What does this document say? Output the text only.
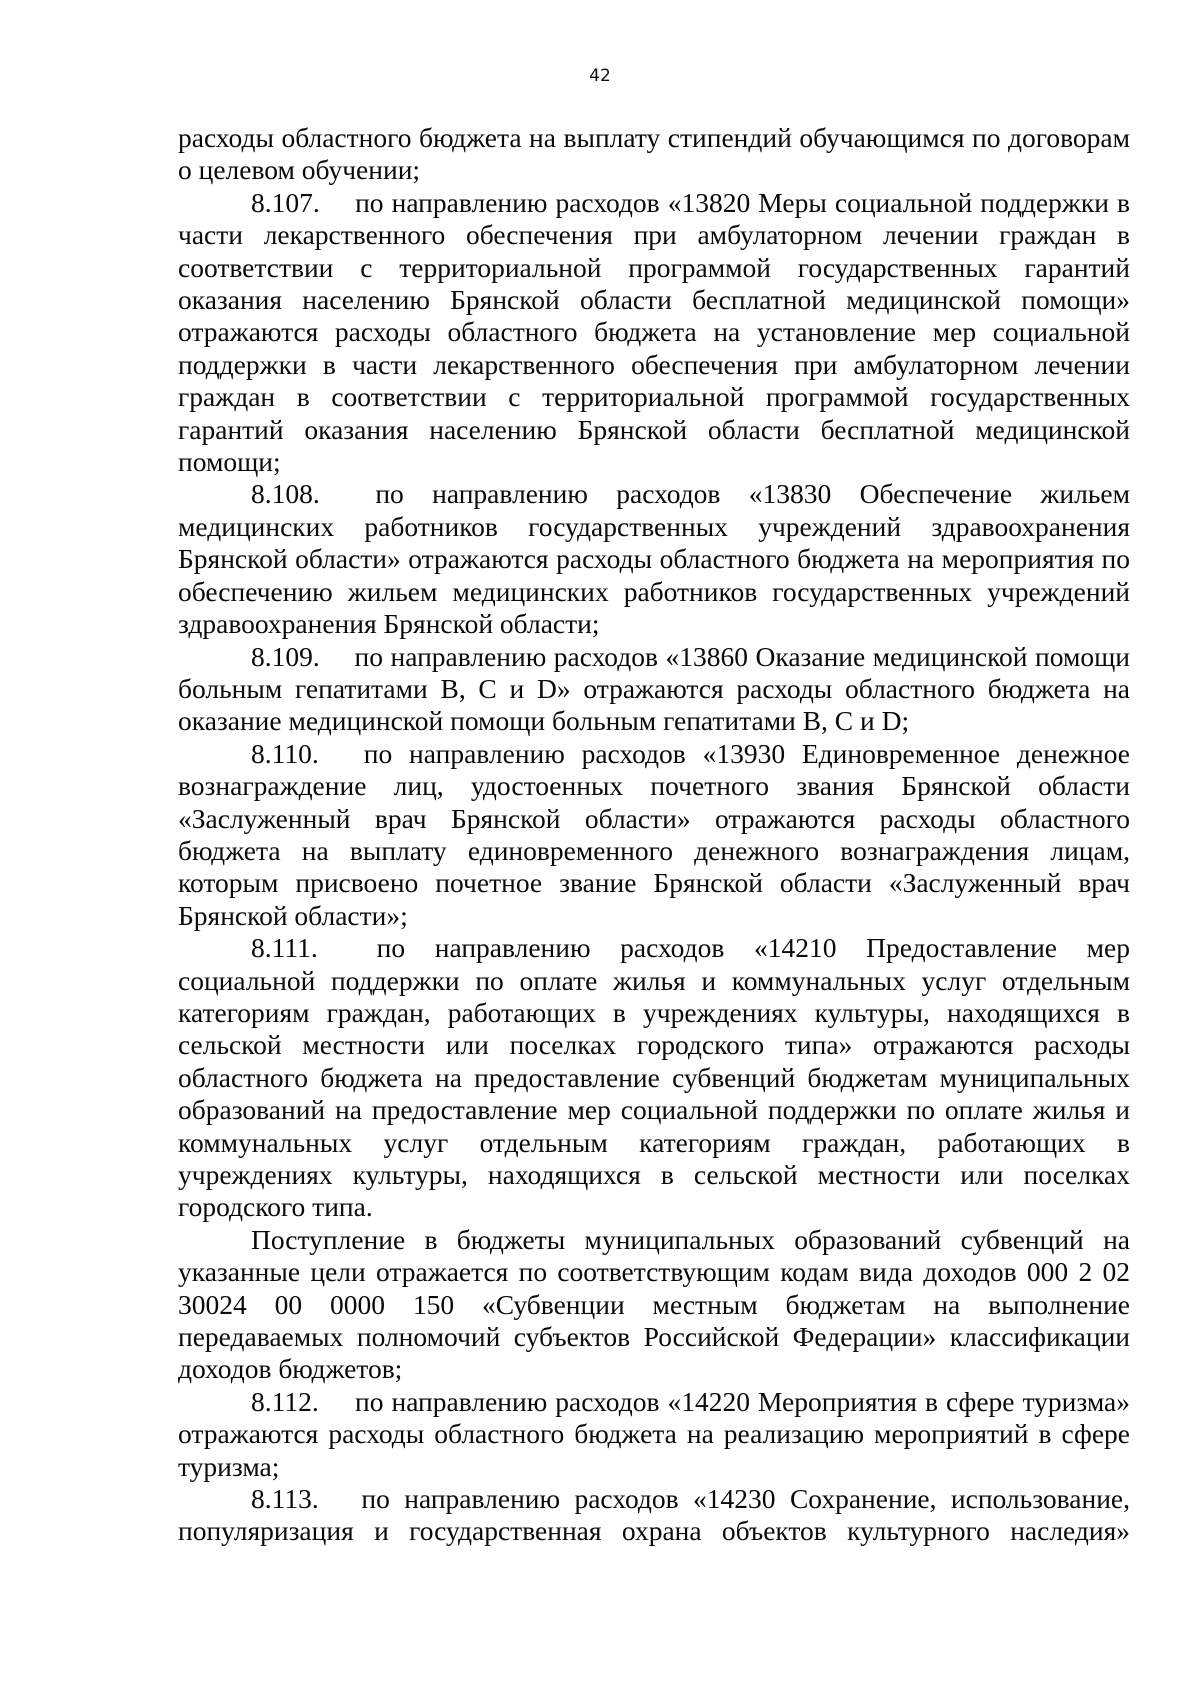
42

расходы областного бюджета на выплату стипендий обучающимся по договорам о целевом обучении;

8.107. по направлению расходов «13820 Меры социальной поддержки в части лекарственного обеспечения при амбулаторном лечении граждан в соответствии с территориальной программой государственных гарантий оказания населению Брянской области бесплатной медицинской помощи» отражаются расходы областного бюджета на установление мер социальной поддержки в части лекарственного обеспечения при амбулаторном лечении граждан в соответствии с территориальной программой государственных гарантий оказания населению Брянской области бесплатной медицинской помощи;

8.108. по направлению расходов «13830 Обеспечение жильем медицинских работников государственных учреждений здравоохранения Брянской области» отражаются расходы областного бюджета на мероприятия по обеспечению жильем медицинских работников государственных учреждений здравоохранения Брянской области;

8.109. по направлению расходов «13860 Оказание медицинской помощи больным гепатитами B, C и D» отражаются расходы областного бюджета на оказание медицинской помощи больным гепатитами B, C и D;

8.110. по направлению расходов «13930 Единовременное денежное вознаграждение лиц, удостоенных почетного звания Брянской области «Заслуженный врач Брянской области» отражаются расходы областного бюджета на выплату единовременного денежного вознаграждения лицам, которым присвоено почетное звание Брянской области «Заслуженный врач Брянской области»;

8.111. по направлению расходов «14210 Предоставление мер социальной поддержки по оплате жилья и коммунальных услуг отдельным категориям граждан, работающих в учреждениях культуры, находящихся в сельской местности или поселках городского типа» отражаются расходы областного бюджета на предоставление субвенций бюджетам муниципальных образований на предоставление мер социальной поддержки по оплате жилья и коммунальных услуг отдельным категориям граждан, работающих в учреждениях культуры, находящихся в сельской местности или поселках городского типа.

Поступление в бюджеты муниципальных образований субвенций на указанные цели отражается по соответствующим кодам вида доходов 000 2 02 30024 00 0000 150 «Субвенции местным бюджетам на выполнение передаваемых полномочий субъектов Российской Федерации» классификации доходов бюджетов;

8.112. по направлению расходов «14220 Мероприятия в сфере туризма» отражаются расходы областного бюджета на реализацию мероприятий в сфере туризма;

8.113. по направлению расходов «14230 Сохранение, использование, популяризация и государственная охрана объектов культурного наследия»
